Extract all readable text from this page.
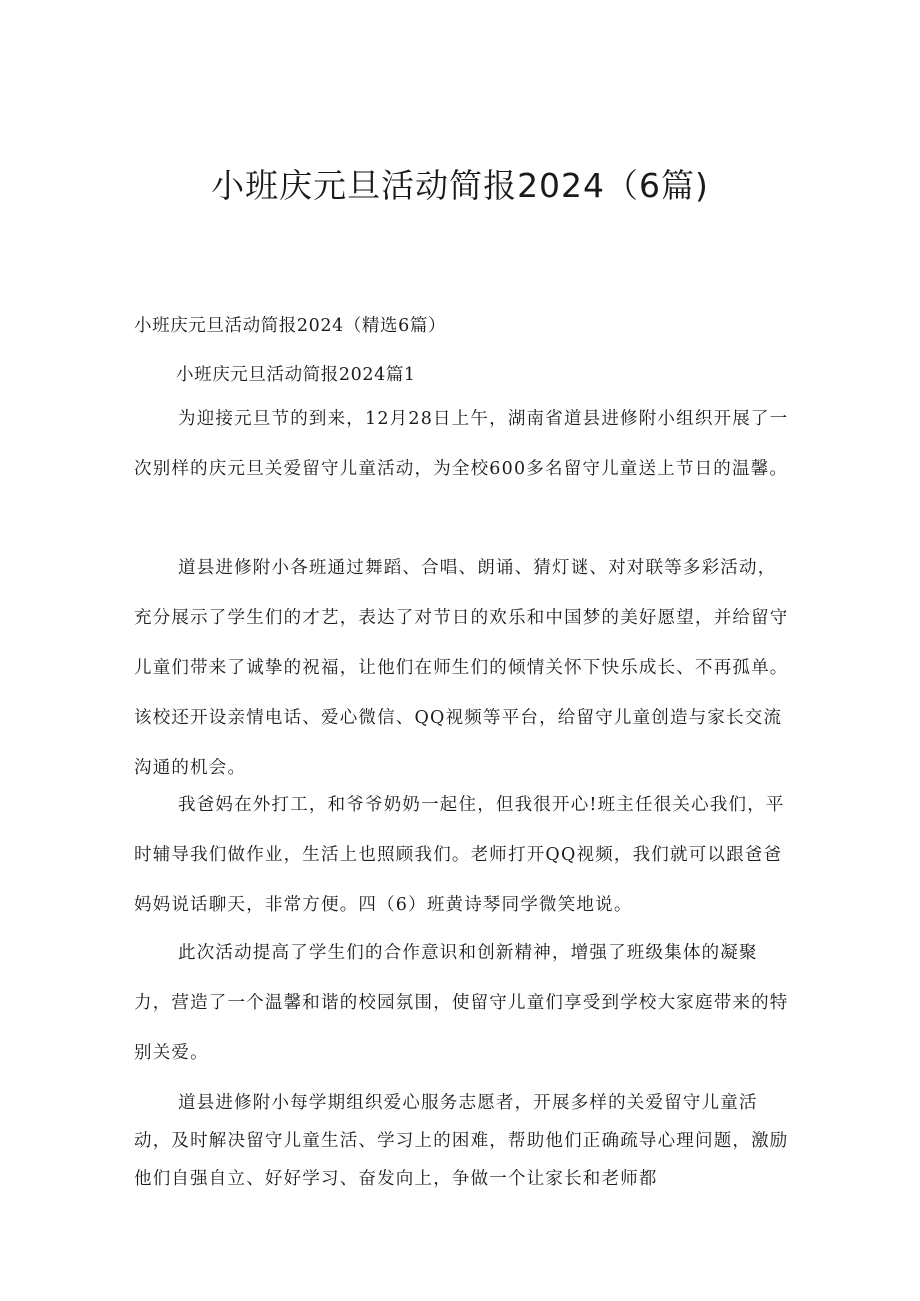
小班庆元旦活动简报2024（6篇)
小班庆元旦活动简报2024（精选6篇）
小班庆元旦活动简报2024篇1
为迎接元旦节的到来，12月28日上午，湖南省道县进修附小组织开展了一次别样的庆元旦关爱留守儿童活动，为全校600多名留守儿童送上节日的温馨。
道县进修附小各班通过舞蹈、合唱、朗诵、猜灯谜、对对联等多彩活动，充分展示了学生们的才艺，表达了对节日的欢乐和中国梦的美好愿望，并给留守儿童们带来了诚挚的祝福，让他们在师生们的倾情关怀下快乐成长、不再孤单。该校还开设亲情电话、爱心微信、QQ视频等平台，给留守儿童创造与家长交流沟通的机会。
我爸妈在外打工，和爷爷奶奶一起住，但我很开心!班主任很关心我们，平时辅导我们做作业，生活上也照顾我们。老师打开QQ视频，我们就可以跟爸爸妈妈说话聊天，非常方便。四（6）班黄诗琴同学微笑地说。
此次活动提高了学生们的合作意识和创新精神，增强了班级集体的凝聚力，营造了一个温馨和谐的校园氛围，使留守儿童们享受到学校大家庭带来的特别关爱。
道县进修附小每学期组织爱心服务志愿者，开展多样的关爱留守儿童活动，及时解决留守儿童生活、学习上的困难，帮助他们正确疏导心理问题，激励他们自强自立、好好学习、奋发向上，争做一个让家长和老师都
